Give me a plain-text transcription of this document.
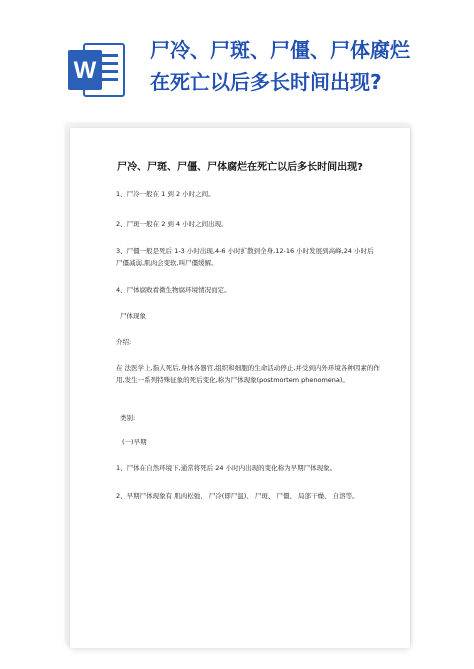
W
尸冷、尸斑、尸僵、尸体腐烂
在死亡以后多长时间出现?
尸冷、尸斑、尸僵、尸体腐烂在死亡以后多长时间出现?
1、尸冷一般在 1 到 2 小时之间。
2、尸斑一般在 2 到 4 小时之间出现。
3、尸僵一般是死后 1-3 小时出现,4-6 小时扩散到全身,12-16 小时发展到高峰,24 小时后尸僵减弱,肌肉会变软,叫尸僵缓解。
4、尸体腐败看微生物腐环境情况而定。
尸体现象
介绍:
在 法医学上,指人死后,身体各器官,组织和细胞的生命活动停止,并受到内外环境各种因素的作用,发生一系列特殊征象的死后变化,称为尸体现象(postmortem phenomena)。
类别:
(一)早期
1、尸体在自然环境下,通常将死后 24 小时内出现的变化称为早期尸体现象。
2、早期尸体现象有 肌肉松弛、 尸冷(即尸温)、 尸斑、 尸僵、 局部干燥、 自溶等。
